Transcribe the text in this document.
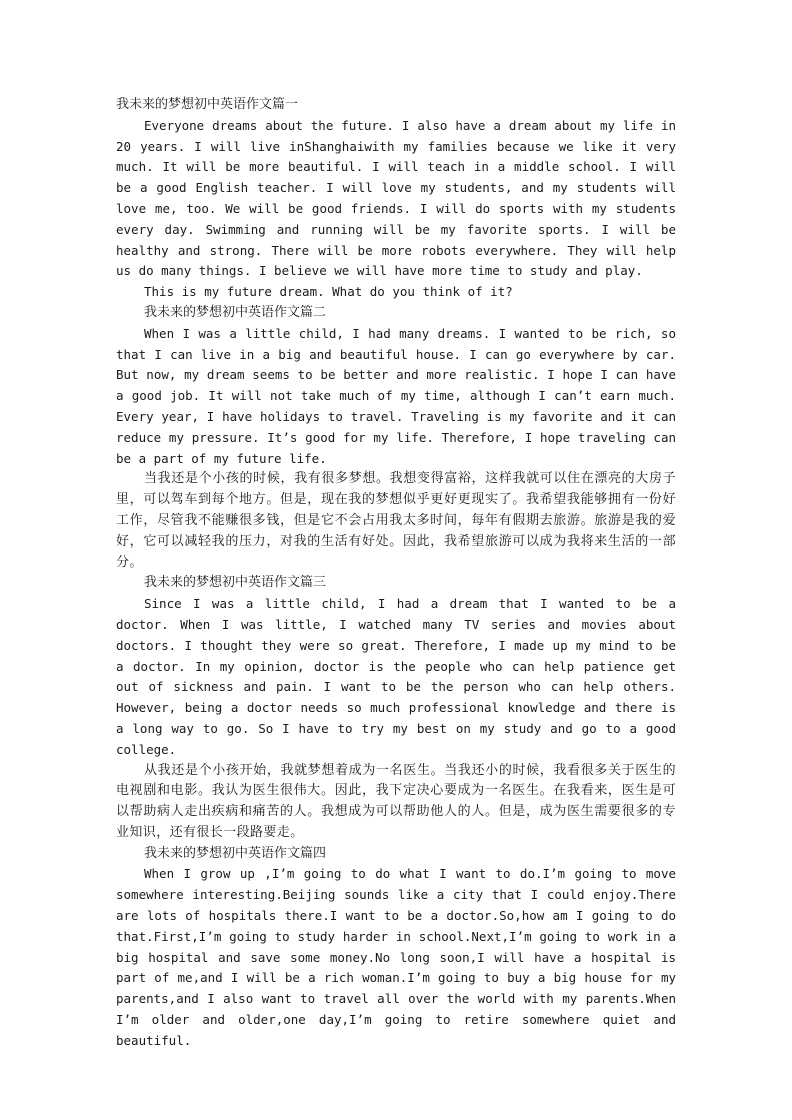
我未来的梦想初中英语作文篇一

Everyone dreams about the future. I also have a dream about my life in 20 years. I will live inShanghaiwith my families because we like it very much. It will be more beautiful. I will teach in a middle school. I will be a good English teacher. I will love my students, and my students will love me, too. We will be good friends. I will do sports with my students every day. Swimming and running will be my favorite sports. I will be healthy and strong. There will be more robots everywhere. They will help us do many things. I believe we will have more time to study and play.

This is my future dream. What do you think of it?

我未来的梦想初中英语作文篇二

When I was a little child, I had many dreams. I wanted to be rich, so that I can live in a big and beautiful house. I can go everywhere by car. But now, my dream seems to be better and more realistic. I hope I can have a good job. It will not take much of my time, although I can’t earn much. Every year, I have holidays to travel. Traveling is my favorite and it can reduce my pressure. It’s good for my life. Therefore, I hope traveling can be a part of my future life.

当我还是个小孩的时候，我有很多梦想。我想变得富裕，这样我就可以住在漂亮的大房子里，可以驾车到每个地方。但是，现在我的梦想似乎更好更现实了。我希望我能够拥有一份好工作，尽管我不能赚很多钱，但是它不会占用我太多时间，每年有假期去旅游。旅游是我的爱好，它可以减轻我的压力，对我的生活有好处。因此，我希望旅游可以成为我将来生活的一部分。

我未来的梦想初中英语作文篇三

Since I was a little child, I had a dream that I wanted to be a doctor. When I was little, I watched many TV series and movies about doctors. I thought they were so great. Therefore, I made up my mind to be a doctor. In my opinion, doctor is the people who can help patience get out of sickness and pain. I want to be the person who can help others. However, being a doctor needs so much professional knowledge and there is a long way to go. So I have to try my best on my study and go to a good college.

从我还是个小孩开始，我就梦想着成为一名医生。当我还小的时候，我看很多关于医生的电视剧和电影。我认为医生很伟大。因此，我下定决心要成为一名医生。在我看来，医生是可以帮助病人走出疾病和痛苦的人。我想成为可以帮助他人的人。但是，成为医生需要很多的专业知识，还有很长一段路要走。

我未来的梦想初中英语作文篇四

When I grow up ,I’m going to do what I want to do.I’m going to move somewhere interesting.Beijing sounds like a city that I could enjoy.There are lots of hospitals there.I want to be a doctor.So,how am I going to do that.First,I’m going to study harder in school.Next,I’m going to work in a big hospital and save some money.No long soon,I will have a hospital is part of me,and I will be a rich woman.I’m going to buy a big house for my parents,and I also want to travel all over the world with my parents.When I’m older and older,one day,I’m going to retire somewhere quiet and beautiful.
